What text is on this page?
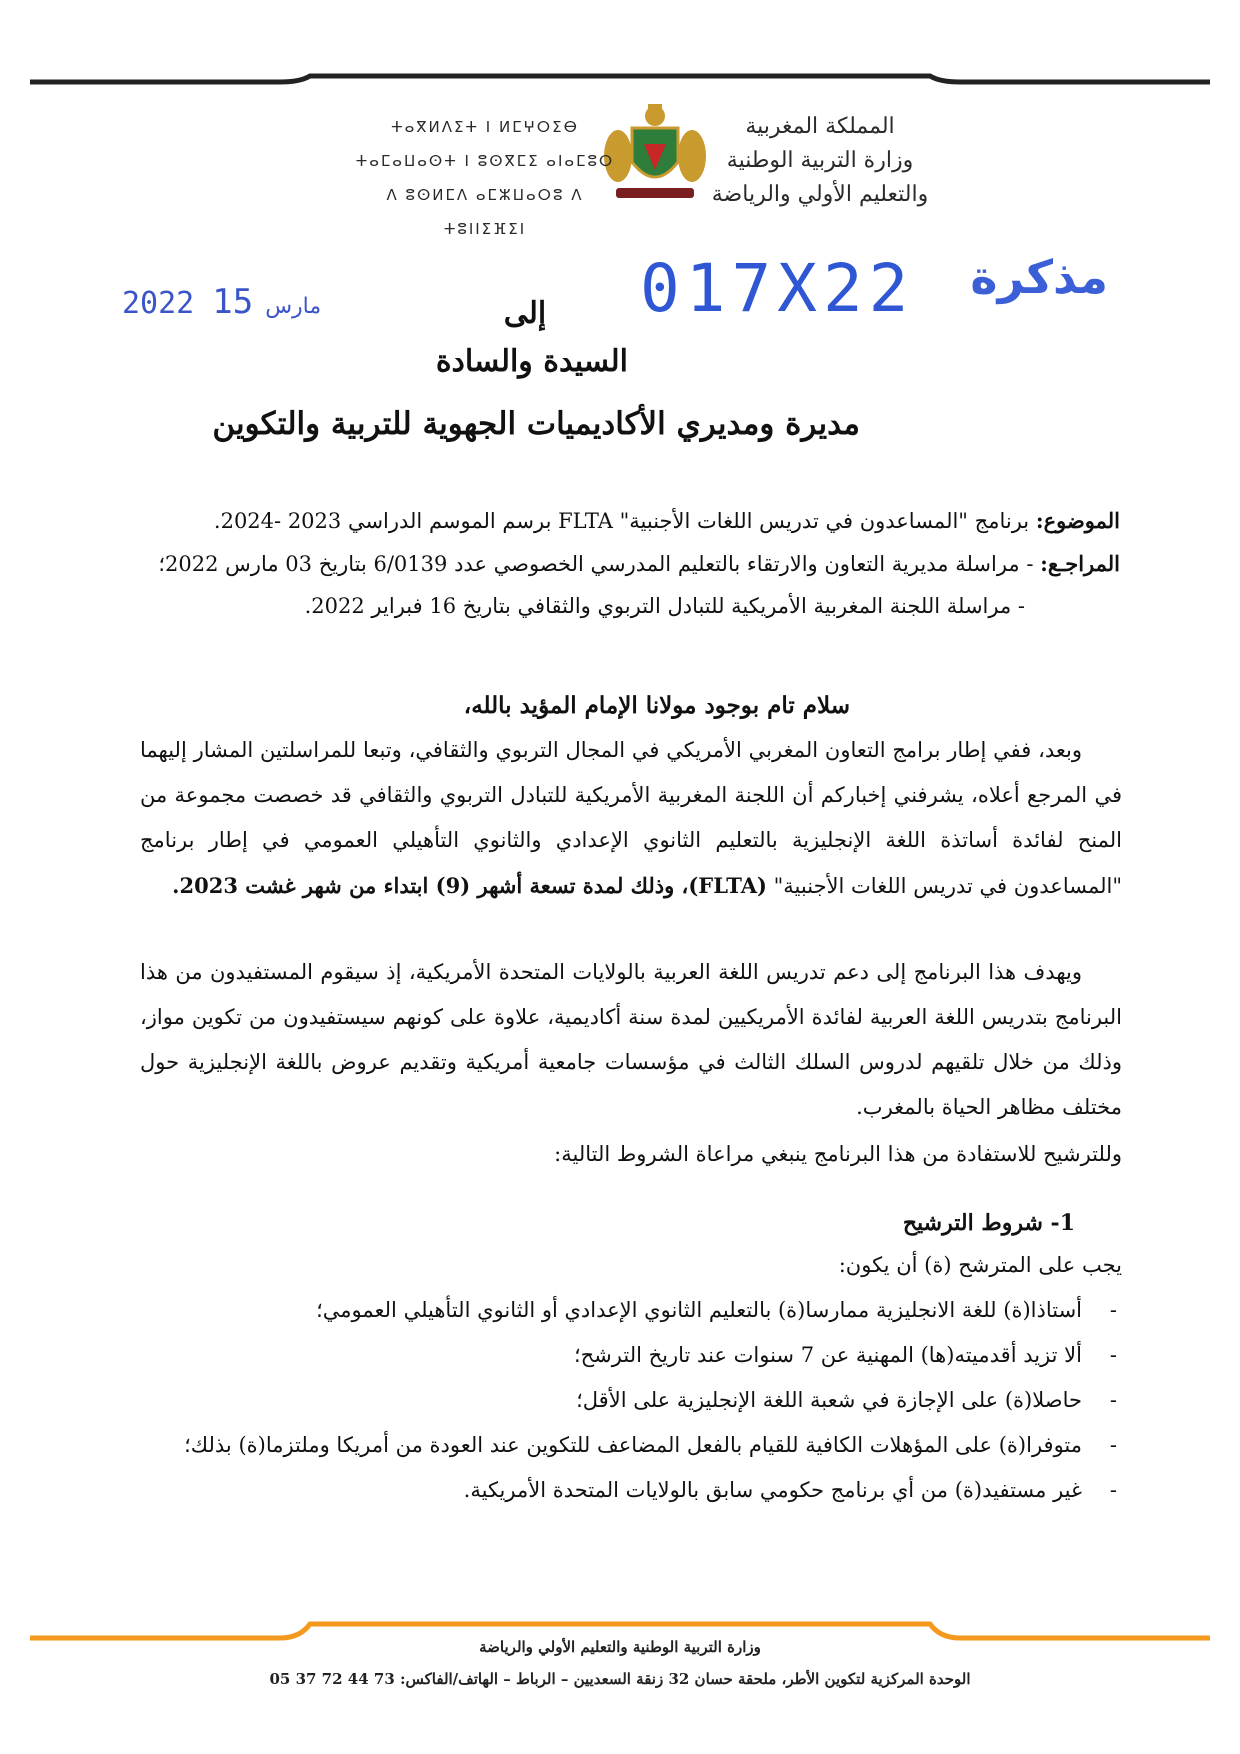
المملكة المغربية
وزارة التربية الوطنية
والتعليم الأولي والرياضة
ⵜⴰⴳⵍⴷⵉⵜ ⵏ ⵍⵎⵖⵔⵉⴱ
ⵜⴰⵎⴰⵡⴰⵙⵜ ⵏ ⵓⵙⴳⵎⵉ ⴰⵏⴰⵎⵓⵔ
ⴷ ⵓⵙⵍⵎⴷ ⴰⵎⵣⵡⴰⵔⵓ ⴷ ⵜⵓⵏⵏⵉⴼⵉⵏ
مذكرة
017X22
2022	مارس15	إلى
السيدة والسادة
مديرة ومديري الأكاديميات الجهوية للتربية والتكوين
الموضوع: برنامج "المساعدون في تدريس اللغات الأجنبية" FLTA برسم الموسم الدراسي 2023 -2024.
المراجـع: - مراسلة مديرية التعاون والارتقاء بالتعليم المدرسي الخصوصي عدد 6/0139 بتاريخ 03 مارس 2022؛
- مراسلة اللجنة المغربية الأمريكية للتبادل التربوي والثقافي بتاريخ 16 فبراير 2022.
سلام تام بوجود مولانا الإمام المؤيد بالله،
وبعد، ففي إطار برامج التعاون المغربي الأمريكي في المجال التربوي والثقافي، وتبعا للمراسلتين المشار إليهما في المرجع أعلاه، يشرفني إخباركم أن اللجنة المغربية الأمريكية للتبادل التربوي والثقافي قد خصصت مجموعة من المنح لفائدة أساتذة اللغة الإنجليزية بالتعليم الثانوي الإعدادي والثانوي التأهيلي العمومي في إطار برنامج "المساعدون في تدريس اللغات الأجنبية" (FLTA)، وذلك لمدة تسعة أشهر (9) ابتداء من شهر غشت 2023.
ويهدف هذا البرنامج إلى دعم تدريس اللغة العربية بالولايات المتحدة الأمريكية، إذ سيقوم المستفيدون من هذا البرنامج بتدريس اللغة العربية لفائدة الأمريكيين لمدة سنة أكاديمية، علاوة على كونهم سيستفيدون من تكوين مواز، وذلك من خلال تلقيهم لدروس السلك الثالث في مؤسسات جامعية أمريكية وتقديم عروض باللغة الإنجليزية حول مختلف مظاهر الحياة بالمغرب.
وللترشيح للاستفادة من هذا البرنامج ينبغي مراعاة الشروط التالية:
1- شروط الترشيح
يجب على المترشح (ة) أن يكون:
-
أستاذا(ة) للغة الانجليزية ممارسا(ة) بالتعليم الثانوي الإعدادي أو الثانوي التأهيلي العمومي؛
-
ألا تزيد أقدميته(ها) المهنية عن 7 سنوات عند تاريخ الترشح؛
-
حاصلا(ة) على الإجازة في شعبة اللغة الإنجليزية على الأقل؛
-
متوفرا(ة) على المؤهلات الكافية للقيام بالفعل المضاعف للتكوين عند العودة من أمريكا وملتزما(ة) بذلك؛
-
غير مستفيد(ة) من أي برنامج حكومي سابق بالولايات المتحدة الأمريكية.
وزارة التربية الوطنية والتعليم الأولي والرياضة
الوحدة المركزية لتكوين الأطر، ملحقة حسان 32 زنقة السعديين – الرباط – الهاتف/الفاكس: 73 44 72 37 05
